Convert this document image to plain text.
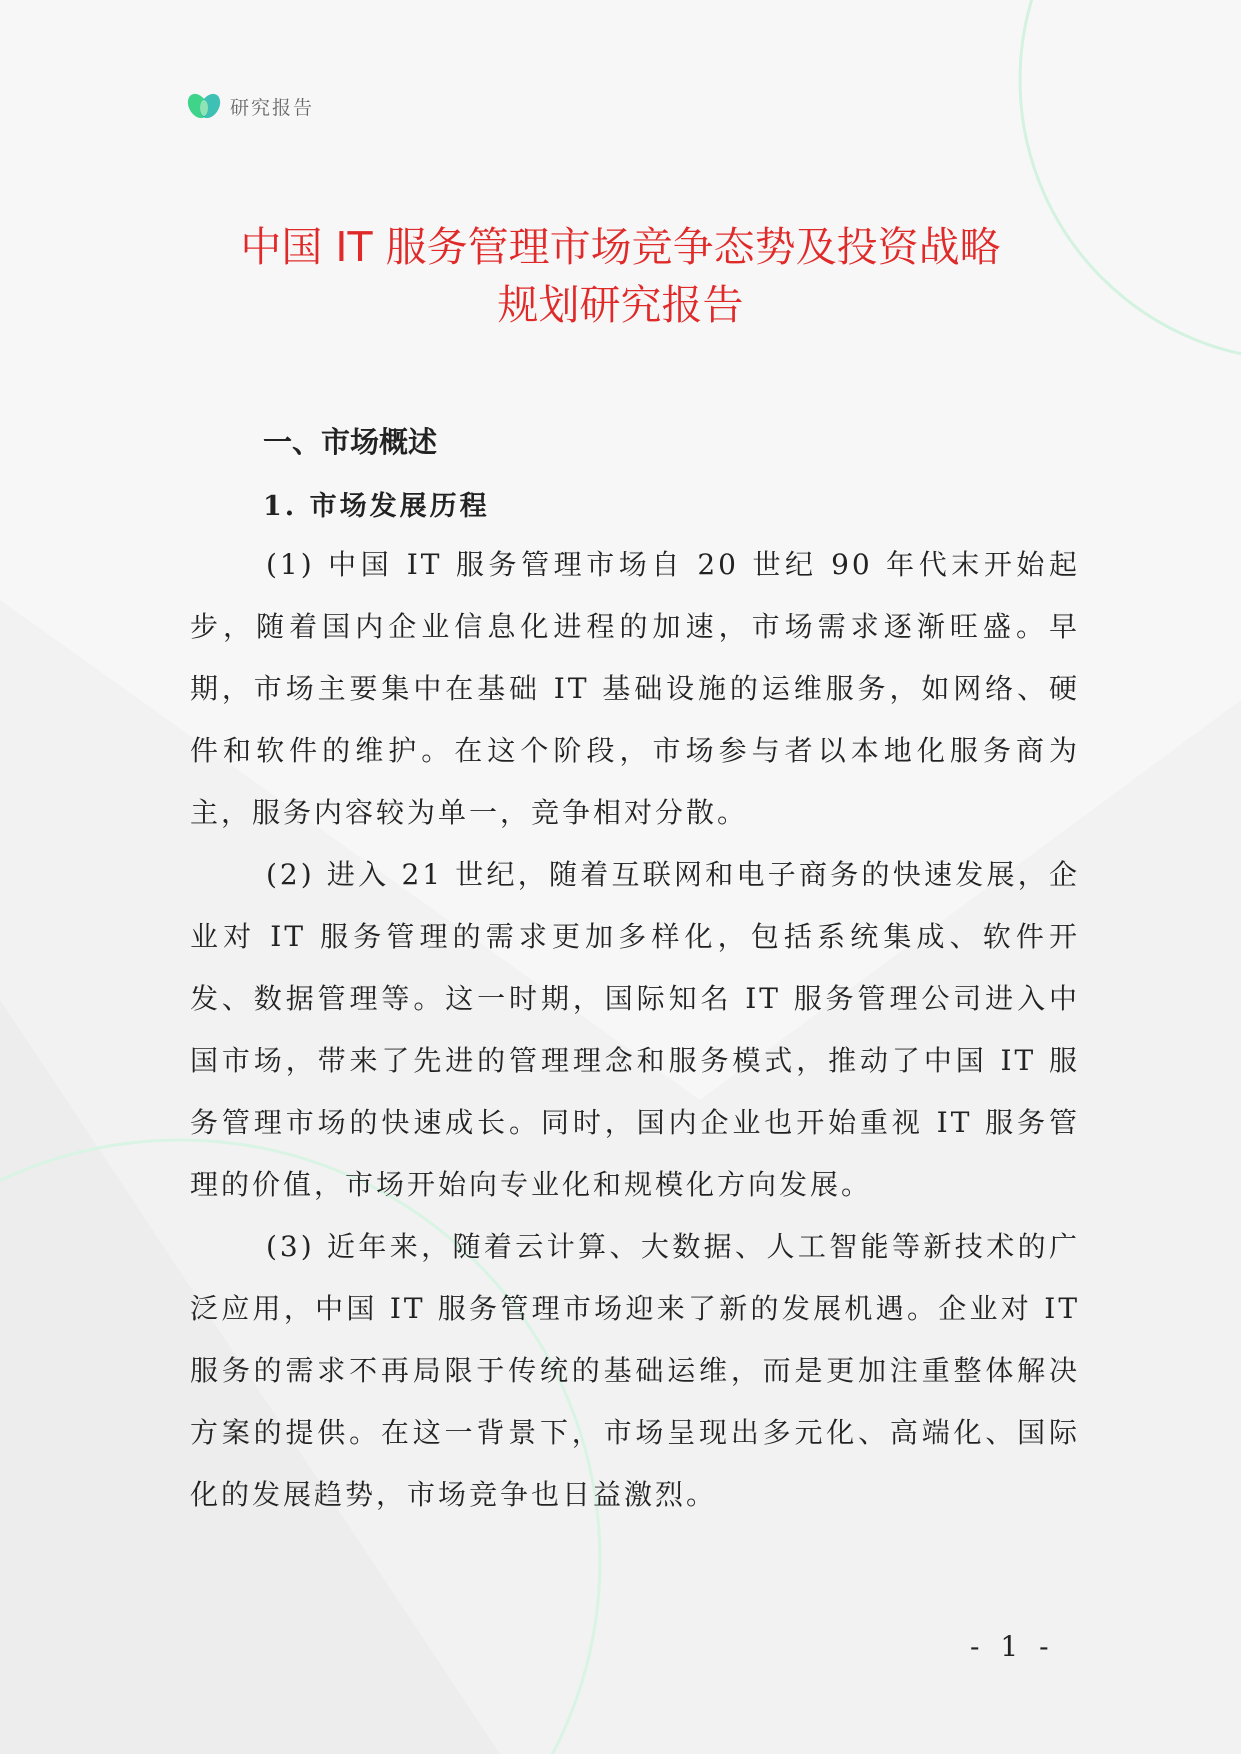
研究报告
中国 IT 服务管理市场竞争态势及投资战略
规划研究报告
一、市场概述
1. 市场发展历程

(1) 中国 IT 服务管理市场自 20 世纪 90 年代末开始起步，随着国内企业信息化进程的加速，市场需求逐渐旺盛。早期，市场主要集中在基础 IT 基础设施的运维服务，如网络、硬件和软件的维护。在这个阶段，市场参与者以本地化服务商为主，服务内容较为单一，竞争相对分散。

(2) 进入 21 世纪，随着互联网和电子商务的快速发展，企业对 IT 服务管理的需求更加多样化，包括系统集成、软件开发、数据管理等。这一时期，国际知名 IT 服务管理公司进入中国市场，带来了先进的管理理念和服务模式，推动了中国 IT 服务管理市场的快速成长。同时，国内企业也开始重视 IT 服务管理的价值，市场开始向专业化和规模化方向发展。

(3) 近年来，随着云计算、大数据、人工智能等新技术的广泛应用，中国 IT 服务管理市场迎来了新的发展机遇。企业对 IT 服务的需求不再局限于传统的基础运维，而是更加注重整体解决方案的提供。在这一背景下，市场呈现出多元化、高端化、国际化的发展趋势，市场竞争也日益激烈。

- 1 -
